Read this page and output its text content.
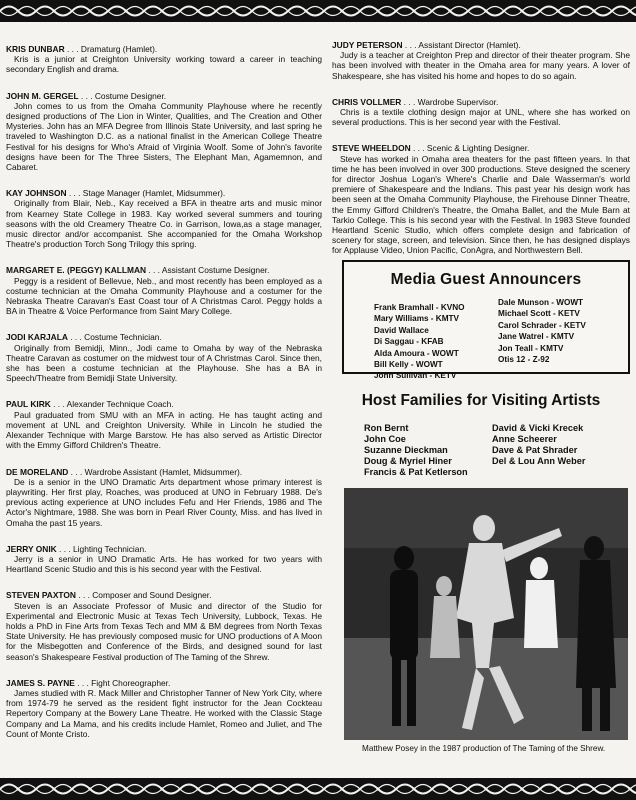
KRIS DUNBAR . . . Dramaturg (Hamlet).
Kris is a junior at Creighton University working toward a career in teaching secondary English and drama.
JOHN M. GERGEL . . . Costume Designer.
John comes to us from the Omaha Community Playhouse where he recently designed productions of The Lion in Winter, Qualities, and The Creation and Other Mysteries. John has an MFA Degree from Illinois State University, and last spring he traveled to Washington D.C. as a national finalist in the American College Theatre Festival for his designs for Who's Afraid of Virginia Woolf. Some of John's favorite designs have been for The Three Sisters, The Elephant Man, Agamemnon, and Cabaret.
KAY JOHNSON . . . Stage Manager (Hamlet, Midsummer).
Originally from Blair, Neb., Kay received a BFA in theatre arts and music minor from Kearney State College in 1983. Kay worked several summers and touring seasons with the old Creamery Theatre Co. in Garrison, Iowa,as a stage manager, music director and/or accompanist. She accompanied for the Omaha Workshop Theatre's production Torch Song Trilogy this spring.
MARGARET E. (PEGGY) KALLMAN . . . Assistant Costume Designer.
Peggy is a resident of Bellevue, Neb., and most recently has been employed as a costume technician at the Omaha Community Playhouse and a costumer for the Nebraska Theatre Caravan's East Coast tour of A Christmas Carol. Peggy holds a BA in Theatre & Voice Performance from Saint Mary College.
JODI KARJALA . . . Costume Technician.
Originally from Bemidji, Minn., Jodi came to Omaha by way of the Nebraska Theatre Caravan as costumer on the midwest tour of A Christmas Carol. Since then, she has been a costume technician at the Playhouse. She has a BA in Speech/Theatre from Bemidji State University.
PAUL KIRK . . . Alexander Technique Coach.
Paul graduated from SMU with an MFA in acting. He has taught acting and movement at UNL and Creighton University. While in Lincoln he studied the Alexander Technique with Marge Barstow. He has also served as Artistic Director with the Emmy Gifford Children's Theatre.
DE MORELAND . . . Wardrobe Assistant (Hamlet, Midsummer).
De is a senior in the UNO Dramatic Arts department whose primary interest is playwriting. Her first play, Roaches, was produced at UNO in February 1988. De's previous acting experience at UNO includes Fefu and Her Friends, 1986 and The Actor's Nightmare, 1988. She was born in Pearl River County, Miss. and has lived in Omaha the past 15 years.
JERRY ONIK . . . Lighting Technician.
Jerry is a senior in UNO Dramatic Arts. He has worked for two years with Heartland Scenic Studio and this is his second year with the Festival.
STEVEN PAXTON . . . Composer and Sound Designer.
Steven is an Associate Professor of Music and director of the Studio for Experimental and Electronic Music at Texas Tech University, Lubbock, Texas. He holds a PhD in Fine Arts from Texas Tech and MM & BM degrees from North Texas State University. He has previously composed music for UNO productions of A Moon for the Misbegotten and Conference of the Birds, and designed sound for last season's Shakespeare Festival production of The Taming of the Shrew.
JAMES S. PAYNE . . . Fight Choreographer.
James studied with R. Mack Miller and Christopher Tanner of New York City, where from 1974-79 he served as the resident fight instructor for the Jean Cockteau Repertory Company at the Bowery Lane Theatre. He worked with the Classic Stage Company and La Mama, and his credits include Hamlet, Romeo and Juliet, and The Count of Monte Cristo.
JUDY PETERSON . . . Assistant Director (Hamlet).
Judy is a teacher at Creighton Prep and director of their theater program. She has been involved with theater in the Omaha area for many years. A lover of Shakespeare, she has visited his home and hopes to do so again.
CHRIS VOLLMER . . . Wardrobe Supervisor.
Chris is a textile clothing design major at UNL, where she has worked on several productions. This is her second year with the Festival.
STEVE WHEELDON . . . Scenic & Lighting Designer.
Steve has worked in Omaha area theaters for the past fifteen years. In that time he has been involved in over 300 productions. Steve designed the scenery for director Joshua Logan's Where's Charlie and Dale Wasserman's world premiere of Shakespeare and the Indians. This past year his design work has been seen at the Omaha Community Playhouse, the Firehouse Dinner Theatre, the Emmy Gifford Children's Theatre, the Omaha Ballet, and the Mule Barn at Tarkio College. This is his second year with the Festival. In 1983 Steve founded Heartland Scenic Studio, which offers complete design and fabrication of scenery for stage, screen, and television. Since then, he has designed displays for Applause Video, Union Pacific, ConAgra, and Northwestern Bell.
Media Guest Announcers
Frank Bramhall - KVNO
Mary Williams - KMTV
David Wallace
Di Saggau - KFAB
Alda Amoura - WOWT
Bill Kelly - WOWT
John Sullivan - KETV
Dale Munson - WOWT
Michael Scott - KETV
Carol Schrader - KETV
Jane Watrel - KMTV
Jon Teall - KMTV
Otis 12 - Z-92
Host Families for Visiting Artists
Ron Bernt
John Coe
Suzanne Dieckman
Doug & Myriel Hiner
Francis & Pat Ketlerson
David & Vicki Krecek
Anne Scheerer
Dave & Pat Shrader
Del & Lou Ann Weber
Matthew Posey in the 1987 production of The Taming of the Shrew.
